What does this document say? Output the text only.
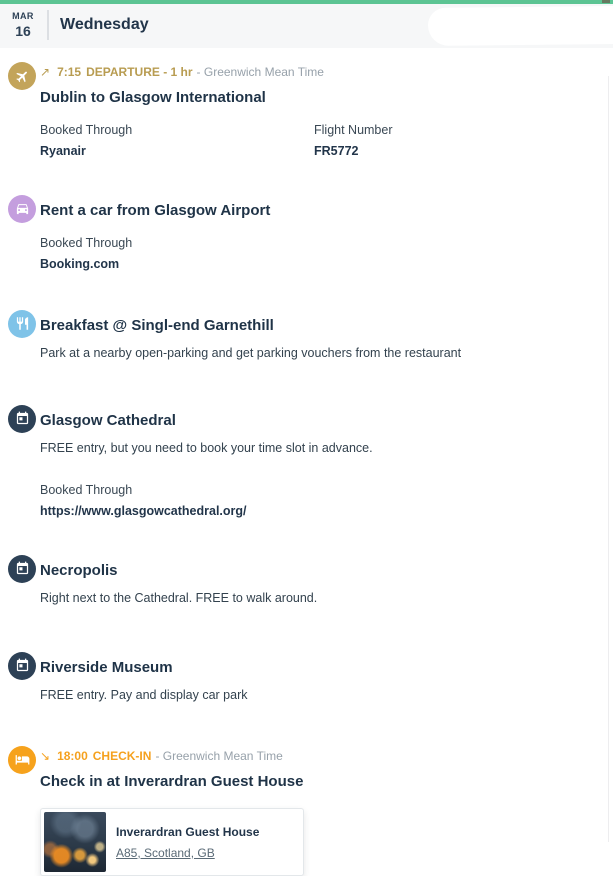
MAR
16	Wednesday
↗ 7:15 DEPARTURE - 1 hr - Greenwich Mean Time
Dublin to Glasgow International
Booked Through
Ryanair
Flight Number
FR5772
Rent a car from Glasgow Airport
Booked Through
Booking.com
Breakfast @ Singl-end Garnethill
Park at a nearby open-parking and get parking vouchers from the restaurant
Glasgow Cathedral
FREE entry, but you need to book your time slot in advance.
Booked Through
https://www.glasgowcathedral.org/
Necropolis
Right next to the Cathedral. FREE to walk around.
Riverside Museum
FREE entry. Pay and display car park
↘ 18:00 CHECK-IN - Greenwich Mean Time
Check in at Inverardran Guest House
Inverardran Guest House
A85, Scotland, GB
